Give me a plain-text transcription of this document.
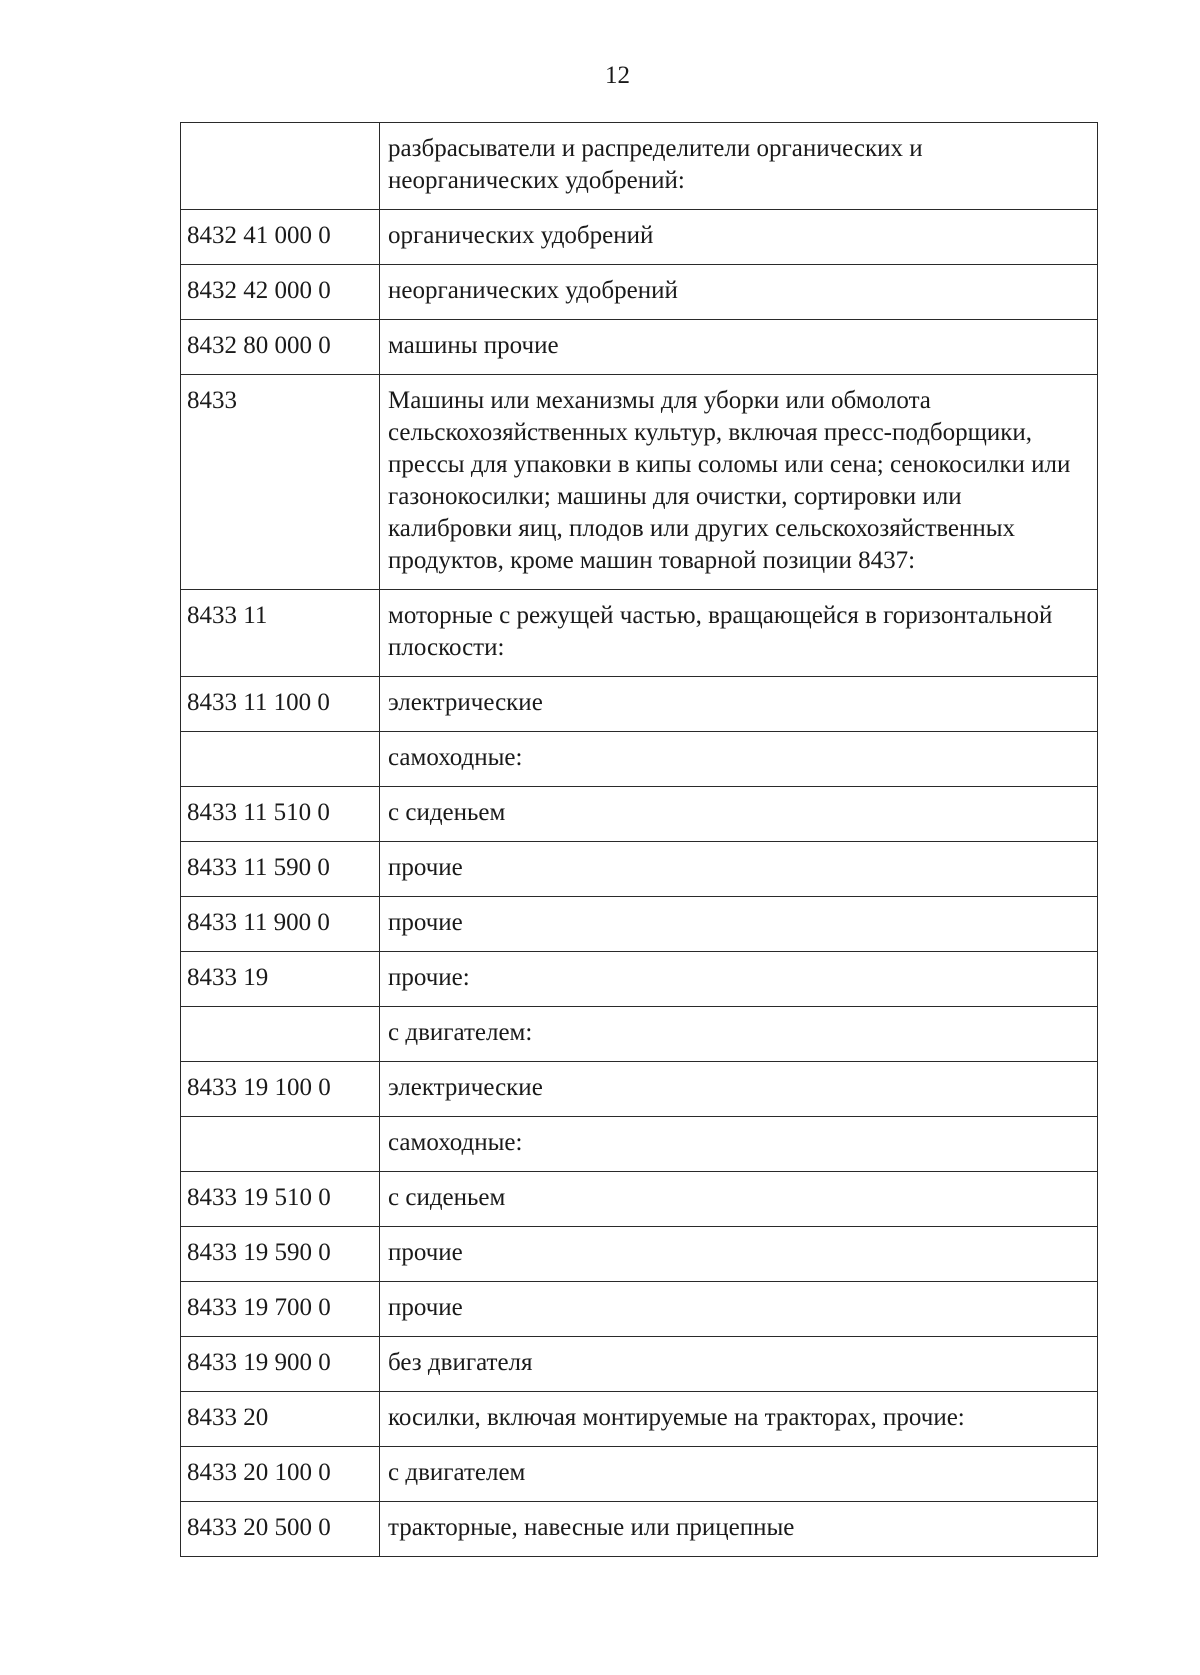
12
	разбрасыватели и распределители органических и неорганических удобрений:
8432 41 000 0	органических удобрений
8432 42 000 0	неорганических удобрений
8432 80 000 0	машины прочие
8433	Машины или механизмы для уборки или обмолота сельскохозяйственных культур, включая пресс-подборщики, прессы для упаковки в кипы соломы или сена; сенокосилки или газонокосилки; машины для очистки, сортировки или калибровки яиц, плодов или других сельскохозяйственных продуктов, кроме машин товарной позиции 8437:
8433 11	моторные с режущей частью, вращающейся в горизонтальной плоскости:
8433 11 100 0	электрические
	самоходные:
8433 11 510 0	с сиденьем
8433 11 590 0	прочие
8433 11 900 0	прочие
8433 19	прочие:
	с двигателем:
8433 19 100 0	электрические
	самоходные:
8433 19 510 0	с сиденьем
8433 19 590 0	прочие
8433 19 700 0	прочие
8433 19 900 0	без двигателя
8433 20	косилки, включая монтируемые на тракторах, прочие:
8433 20 100 0	с двигателем
8433 20 500 0	тракторные, навесные или прицепные
